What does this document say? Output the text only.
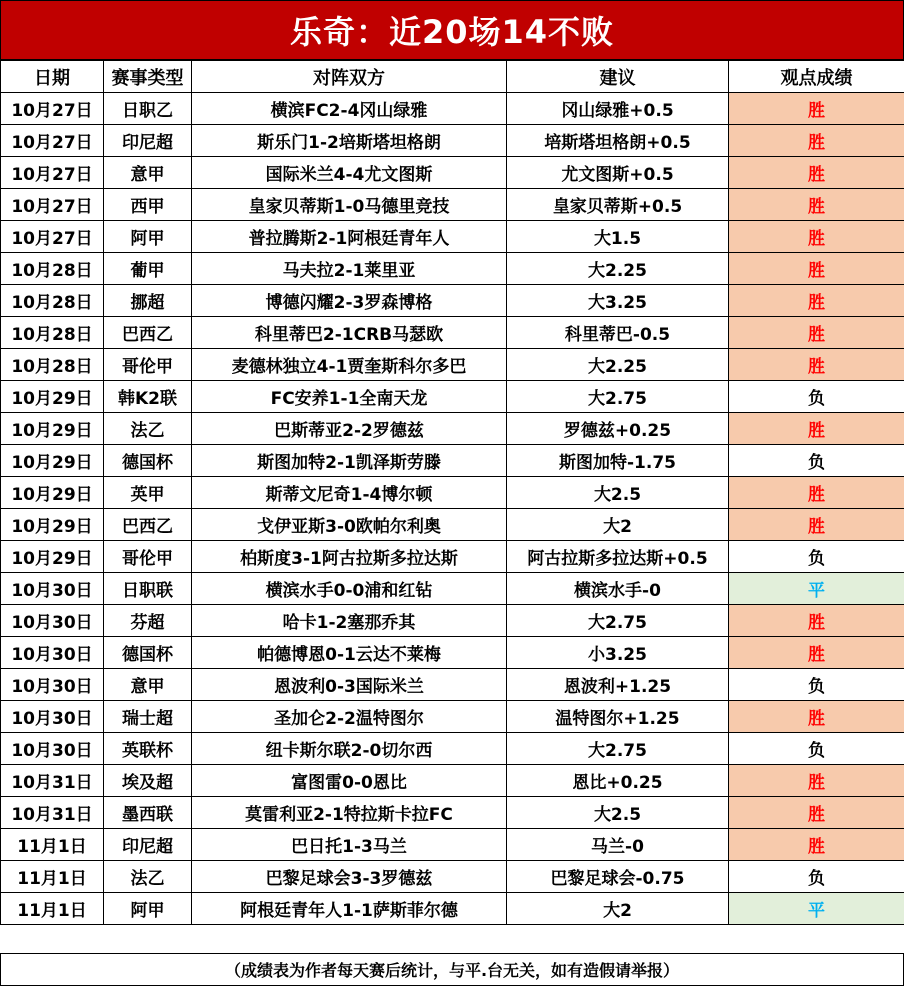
乐奇：近20场14不败
日期	赛事类型	对阵双方	建议	观点成绩
10月27日	日职乙	横滨FC2-4冈山绿雅	冈山绿雅+0.5	胜
10月27日	印尼超	斯乐门1-2培斯塔坦格朗	培斯塔坦格朗+0.5	胜
10月27日	意甲	国际米兰4-4尤文图斯	尤文图斯+0.5	胜
10月27日	西甲	皇家贝蒂斯1-0马德里竞技	皇家贝蒂斯+0.5	胜
10月27日	阿甲	普拉腾斯2-1阿根廷青年人	大1.5	胜
10月28日	葡甲	马夫拉2-1莱里亚	大2.25	胜
10月28日	挪超	博德闪耀2-3罗森博格	大3.25	胜
10月28日	巴西乙	科里蒂巴2-1CRB马瑟欧	科里蒂巴-0.5	胜
10月28日	哥伦甲	麦德林独立4-1贾奎斯科尔多巴	大2.25	胜
10月29日	韩K2联	FC安养1-1全南天龙	大2.75	负
10月29日	法乙	巴斯蒂亚2-2罗德兹	罗德兹+0.25	胜
10月29日	德国杯	斯图加特2-1凯泽斯劳滕	斯图加特-1.75	负
10月29日	英甲	斯蒂文尼奇1-4博尔顿	大2.5	胜
10月29日	巴西乙	戈伊亚斯3-0欧帕尔利奥	大2	胜
10月29日	哥伦甲	柏斯度3-1阿古拉斯多拉达斯	阿古拉斯多拉达斯+0.5	负
10月30日	日职联	横滨水手0-0浦和红钻	横滨水手-0	平
10月30日	芬超	哈卡1-2塞那乔其	大2.75	胜
10月30日	德国杯	帕德博恩0-1云达不莱梅	小3.25	胜
10月30日	意甲	恩波利0-3国际米兰	恩波利+1.25	负
10月30日	瑞士超	圣加仑2-2温特图尔	温特图尔+1.25	胜
10月30日	英联杯	纽卡斯尔联2-0切尔西	大2.75	负
10月31日	埃及超	富图雷0-0恩比	恩比+0.25	胜
10月31日	墨西联	莫雷利亚2-1特拉斯卡拉FC	大2.5	胜
11月1日	印尼超	巴日托1-3马兰	马兰-0	胜
11月1日	法乙	巴黎足球会3-3罗德兹	巴黎足球会-0.75	负
11月1日	阿甲	阿根廷青年人1-1萨斯菲尔德	大2	平
（成绩表为作者每天赛后统计，与平.台无关，如有造假请举报）
